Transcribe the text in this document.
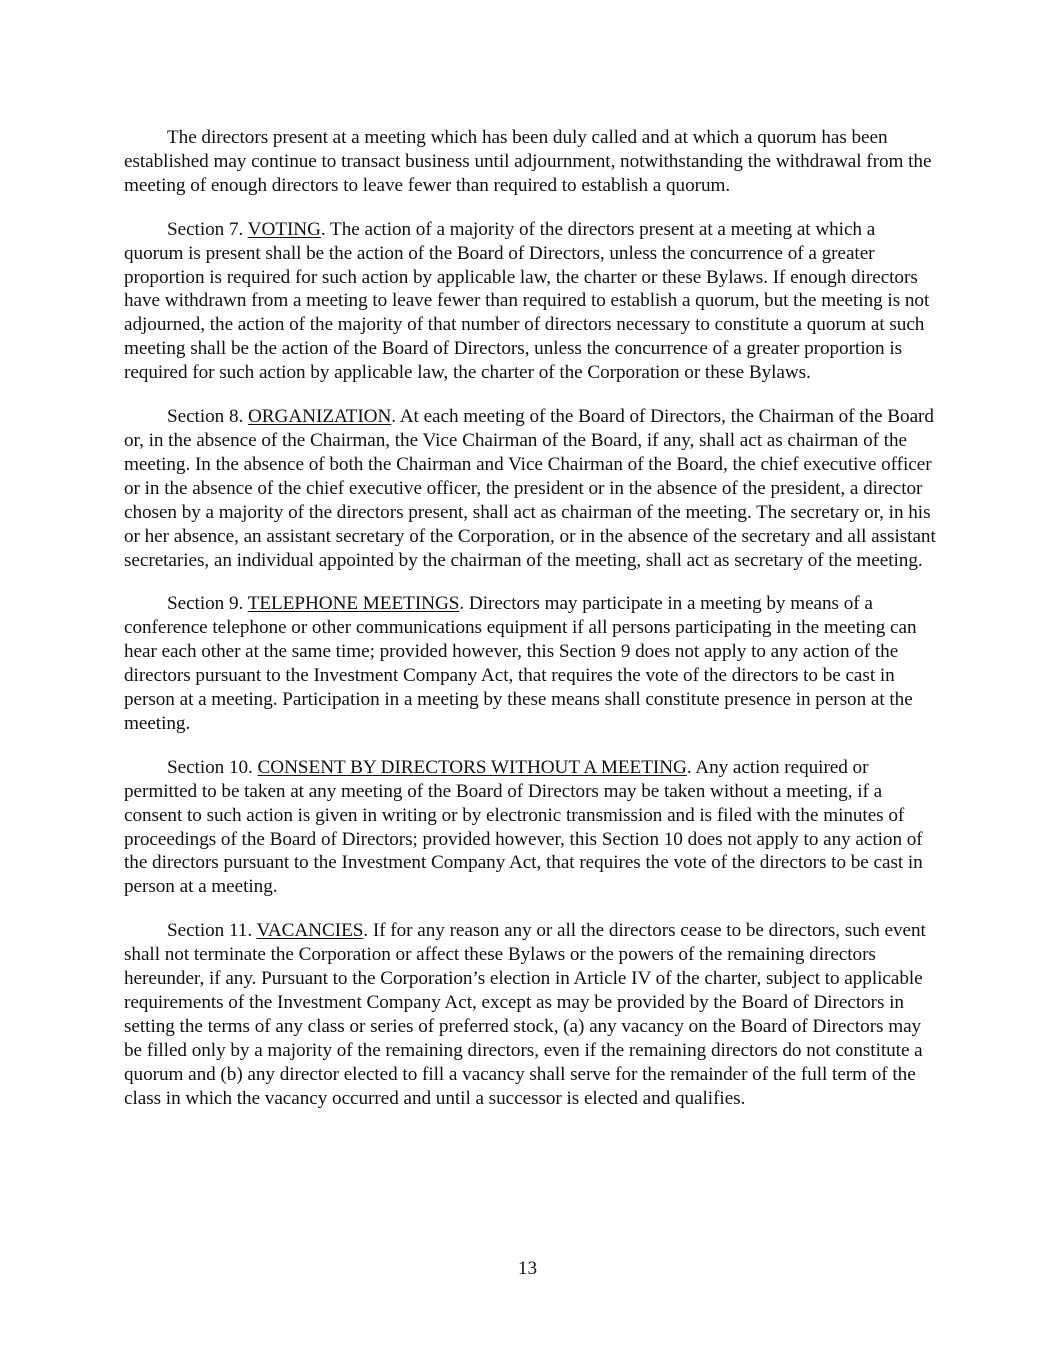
The directors present at a meeting which has been duly called and at which a quorum has been established may continue to transact business until adjournment, notwithstanding the withdrawal from the meeting of enough directors to leave fewer than required to establish a quorum.

Section 7. VOTING. The action of a majority of the directors present at a meeting at which a quorum is present shall be the action of the Board of Directors, unless the concurrence of a greater proportion is required for such action by applicable law, the charter or these Bylaws. If enough directors have withdrawn from a meeting to leave fewer than required to establish a quorum, but the meeting is not adjourned, the action of the majority of that number of directors necessary to constitute a quorum at such meeting shall be the action of the Board of Directors, unless the concurrence of a greater proportion is required for such action by applicable law, the charter of the Corporation or these Bylaws.

Section 8. ORGANIZATION. At each meeting of the Board of Directors, the Chairman of the Board or, in the absence of the Chairman, the Vice Chairman of the Board, if any, shall act as chairman of the meeting. In the absence of both the Chairman and Vice Chairman of the Board, the chief executive officer or in the absence of the chief executive officer, the president or in the absence of the president, a director chosen by a majority of the directors present, shall act as chairman of the meeting. The secretary or, in his or her absence, an assistant secretary of the Corporation, or in the absence of the secretary and all assistant secretaries, an individual appointed by the chairman of the meeting, shall act as secretary of the meeting.

Section 9. TELEPHONE MEETINGS. Directors may participate in a meeting by means of a conference telephone or other communications equipment if all persons participating in the meeting can hear each other at the same time; provided however, this Section 9 does not apply to any action of the directors pursuant to the Investment Company Act, that requires the vote of the directors to be cast in person at a meeting. Participation in a meeting by these means shall constitute presence in person at the meeting.

Section 10. CONSENT BY DIRECTORS WITHOUT A MEETING. Any action required or permitted to be taken at any meeting of the Board of Directors may be taken without a meeting, if a consent to such action is given in writing or by electronic transmission and is filed with the minutes of proceedings of the Board of Directors; provided however, this Section 10 does not apply to any action of the directors pursuant to the Investment Company Act, that requires the vote of the directors to be cast in person at a meeting.

Section 11. VACANCIES. If for any reason any or all the directors cease to be directors, such event shall not terminate the Corporation or affect these Bylaws or the powers of the remaining directors hereunder, if any. Pursuant to the Corporation’s election in Article IV of the charter, subject to applicable requirements of the Investment Company Act, except as may be provided by the Board of Directors in setting the terms of any class or series of preferred stock, (a) any vacancy on the Board of Directors may be filled only by a majority of the remaining directors, even if the remaining directors do not constitute a quorum and (b) any director elected to fill a vacancy shall serve for the remainder of the full term of the class in which the vacancy occurred and until a successor is elected and qualifies.

13
